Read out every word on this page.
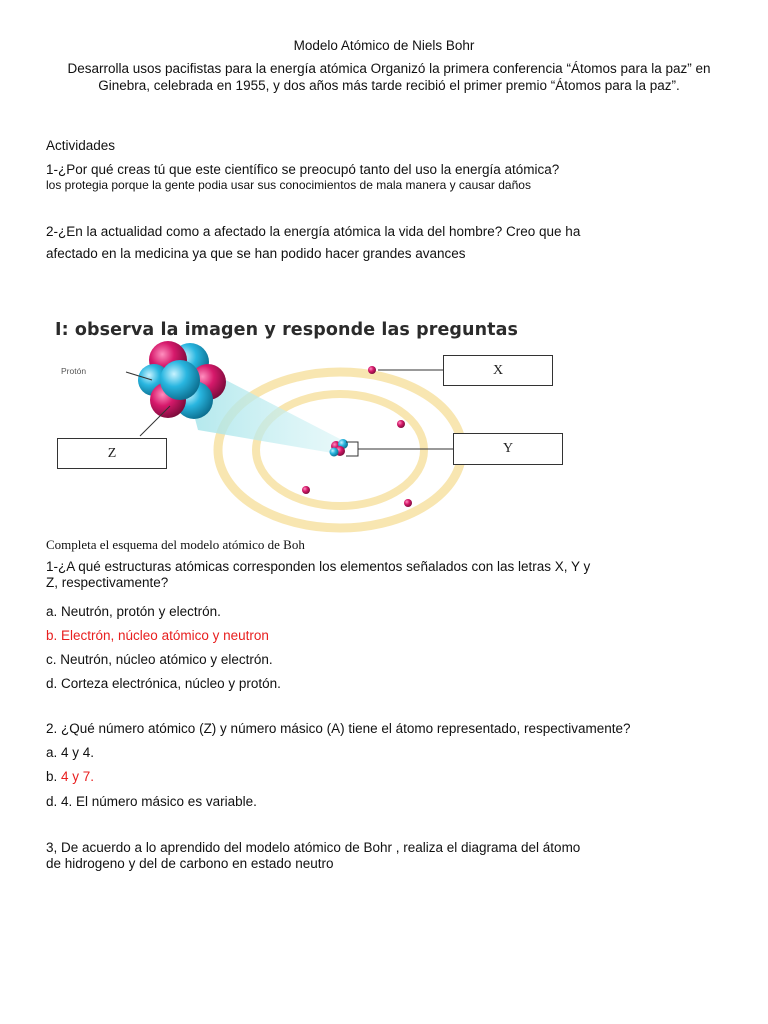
Modelo Atómico de Niels Bohr
Desarrolla usos pacifistas para la energía atómica Organizó la primera conferencia “Átomos para la paz” en Ginebra, celebrada en 1955, y dos años más tarde recibió el primer premio “Átomos para la paz”.
Actividades
1-¿Por qué creas tú que este científico se preocupó tanto del uso la energía atómica?
los protegia porque la gente podia usar sus conocimientos de mala manera y causar daños
2-¿En la actualidad como a afectado la energía atómica la vida del hombre? Creo que ha
afectado en la medicina ya que se han podido hacer grandes avances
I: observa la imagen y responde las preguntas
Protón	X
Y
Z
Completa el esquema del modelo atómico de Boh
1-¿A qué estructuras atómicas corresponden los elementos señalados con las letras X, Y y
Z, respectivamente?
a. Neutrón, protón y electrón.
b. Electrón, núcleo atómico y neutron
c. Neutrón, núcleo atómico y electrón.
d. Corteza electrónica, núcleo y protón.
2. ¿Qué número atómico (Z) y número másico (A) tiene el átomo representado, respectivamente?
a. 4 y 4.
b. 4 y 7.
d. 4. El número másico es variable.
3, De acuerdo a lo aprendido del modelo atómico de Bohr , realiza el diagrama del átomo
de hidrogeno y del de carbono en estado neutro
